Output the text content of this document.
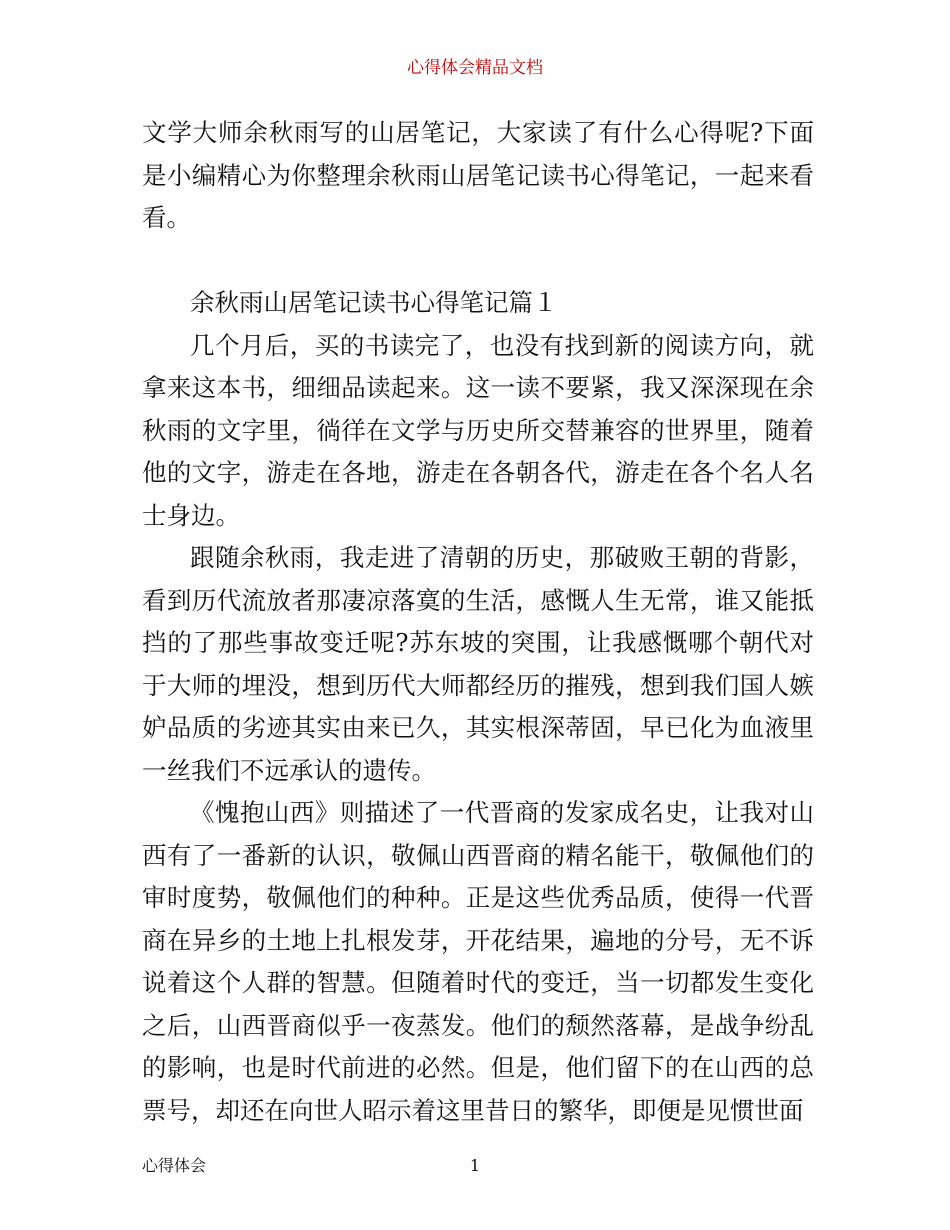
心得体会精品文档

文学大师余秋雨写的山居笔记，大家读了有什么心得呢?下面是小编精心为你整理余秋雨山居笔记读书心得笔记，一起来看看。

余秋雨山居笔记读书心得笔记篇１

几个月后，买的书读完了，也没有找到新的阅读方向，就拿来这本书，细细品读起来。这一读不要紧，我又深深现在余秋雨的文字里，徜徉在文学与历史所交替兼容的世界里，随着他的文字，游走在各地，游走在各朝各代，游走在各个名人名士身边。

跟随余秋雨，我走进了清朝的历史，那破败王朝的背影，看到历代流放者那凄凉落寞的生活，感慨人生无常，谁又能抵挡的了那些事故变迁呢?苏东坡的突围，让我感慨哪个朝代对于大师的埋没，想到历代大师都经历的摧残，想到我们国人嫉妒品质的劣迹其实由来已久，其实根深蒂固，早已化为血液里一丝我们不远承认的遗传。

《愧抱山西》则描述了一代晋商的发家成名史，让我对山西有了一番新的认识，敬佩山西晋商的精名能干，敬佩他们的审时度势，敬佩他们的种种。正是这些优秀品质，使得一代晋商在异乡的土地上扎根发芽，开花结果，遍地的分号，无不诉说着这个人群的智慧。但随着时代的变迁，当一切都发生变化之后，山西晋商似乎一夜蒸发。他们的颓然落幕，是战争纷乱的影响，也是时代前进的必然。但是，他们留下的在山西的总票号，却还在向世人昭示着这里昔日的繁华，即便是见惯世面

心得体会	1
